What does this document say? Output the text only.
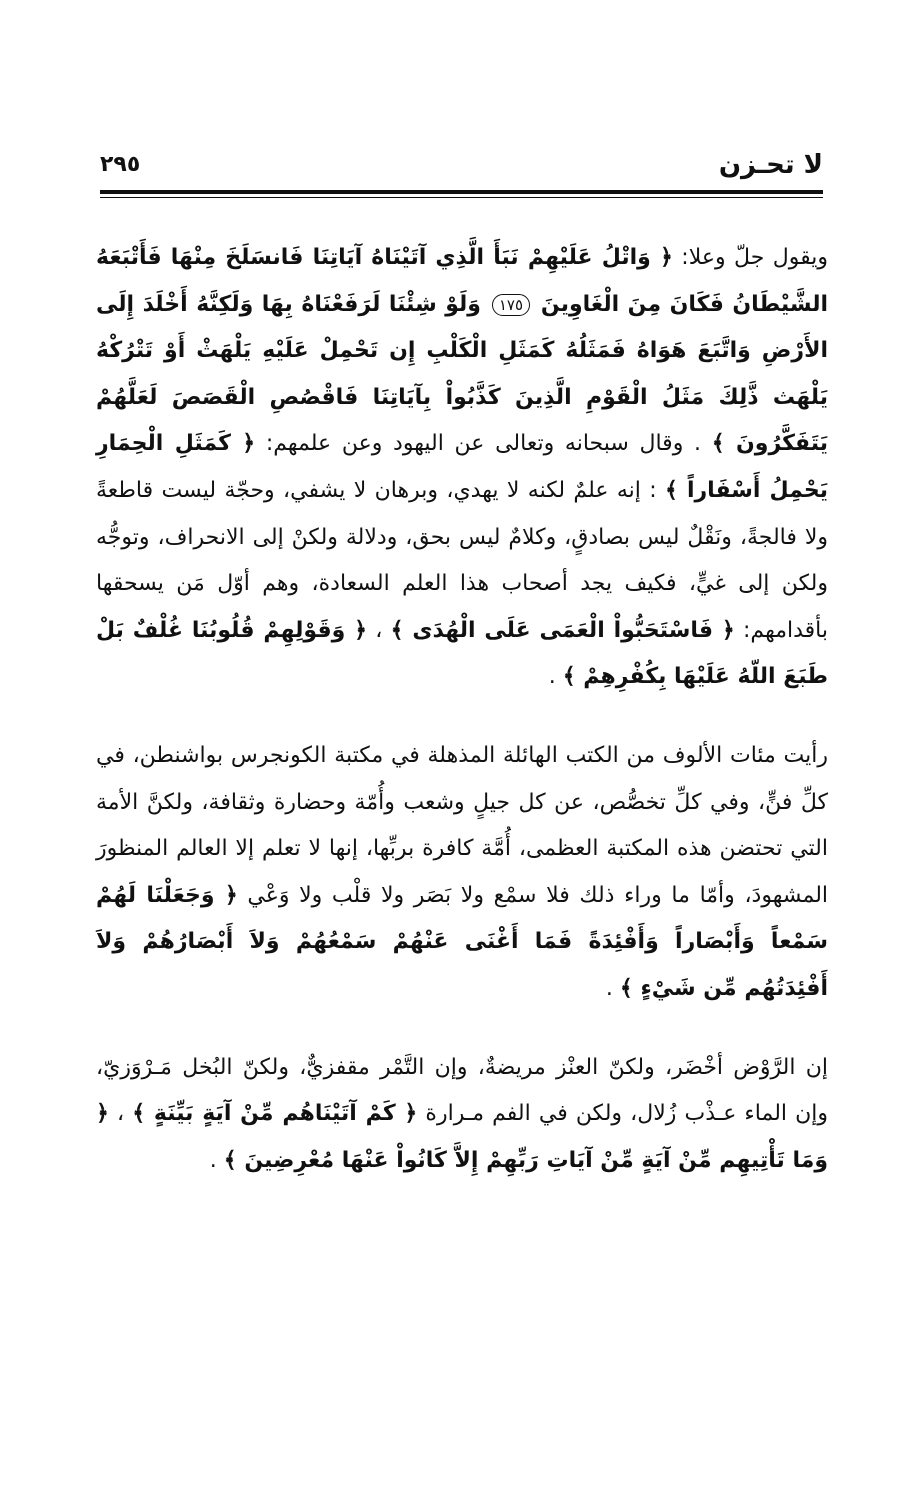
لا تحـزن
٢٩٥

ويقول جلّ وعلا: ﴿ وَاتْلُ عَلَيْهِمْ نَبَأَ الَّذِي آتَيْنَاهُ آيَاتِنَا فَانسَلَخَ مِنْهَا فَأَتْبَعَهُ الشَّيْطَانُ فَكَانَ مِنَ الْغَاوِينَ ١٧٥ وَلَوْ شِئْنَا لَرَفَعْنَاهُ بِهَا وَلَكِنَّهُ أَخْلَدَ إِلَى الأَرْضِ وَاتَّبَعَ هَوَاهُ فَمَثَلُهُ كَمَثَلِ الْكَلْبِ إِن تَحْمِلْ عَلَيْهِ يَلْهَثْ أَوْ تَتْرُكْهُ يَلْهَث ذَّلِكَ مَثَلُ الْقَوْمِ الَّذِينَ كَذَّبُواْ بِآيَاتِنَا فَاقْصُصِ الْقَصَصَ لَعَلَّهُمْ يَتَفَكَّرُونَ ﴾ . وقال سبحانه وتعالى عن اليهود وعن علمهم: ﴿ كَمَثَلِ الْحِمَارِ يَحْمِلُ أَسْفَاراً ﴾ : إنه علمٌ لكنه لا يهدي، وبرهان لا يشفي، وحجّة ليست قاطعةً ولا فالجةً، ونَقْلٌ ليس بصادقٍ، وكلامٌ ليس بحق، ودلالة ولكنْ إلى الانحراف، وتوجُّه ولكن إلى غيٍّ، فكيف يجد أصحاب هذا العلم السعادة، وهم أوّل مَن يسحقها بأقدامهم: ﴿ فَاسْتَحَبُّواْ الْعَمَى عَلَى الْهُدَى ﴾ ، ﴿ وَقَوْلِهِمْ قُلُوبُنَا غُلْفٌ بَلْ طَبَعَ اللّهُ عَلَيْهَا بِكُفْرِهِمْ ﴾ .

رأيت مئات الألوف من الكتب الهائلة المذهلة في مكتبة الكونجرس بواشنطن، في كلِّ فنٍّ، وفي كلِّ تخصُّص، عن كل جيلٍ وشعب وأُمّة وحضارة وثقافة، ولكنَّ الأمة التي تحتضن هذه المكتبة العظمى، أُمَّة كافرة بربِّها، إنها لا تعلم إلا العالم المنظورَ المشهودَ، وأمّا ما وراء ذلك فلا سمْع ولا بَصَر ولا قلْب ولا وَعْي ﴿ وَجَعَلْنَا لَهُمْ سَمْعاً وَأَبْصَاراً وَأَفْئِدَةً فَمَا أَغْنَى عَنْهُمْ سَمْعُهُمْ وَلاَ أَبْصَارُهُمْ وَلاَ أَفْئِدَتُهُم مِّن شَيْءٍ ﴾ .

إن الرَّوْض أخْضَر، ولكنّ العنْز مريضةٌ، وإن التَّمْر مقفزيٌّ، ولكنّ البُخل مَـرْوَزيّ، وإن الماء عـذْب زُلال، ولكن في الفم مـرارة ﴿ كَمْ آتَيْنَاهُم مِّنْ آيَةٍ بَيِّنَةٍ ﴾ ، ﴿ وَمَا تَأْتِيهِم مِّنْ آيَةٍ مِّنْ آيَاتِ رَبِّهِمْ إِلاَّ كَانُواْ عَنْهَا مُعْرِضِينَ ﴾ .
